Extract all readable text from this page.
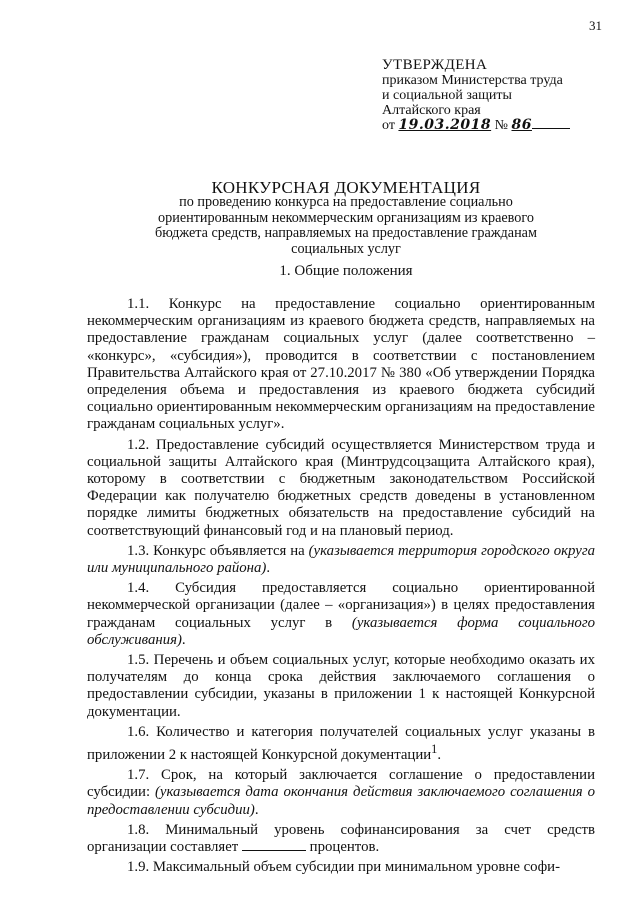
31
УТВЕРЖДЕНА
приказом Министерства труда
и социальной защиты
Алтайского края
от 19.03.2018 № 86
КОНКУРСНАЯ ДОКУМЕНТАЦИЯ
по проведению конкурса на предоставление социально ориентированным некоммерческим организациям из краевого бюджета средств, направляемых на предоставление гражданам социальных услуг
1. Общие положения

1.1. Конкурс на предоставление социально ориентированным некоммерческим организациям из краевого бюджета средств, направляемых на предоставление гражданам социальных услуг (далее соответственно – «конкурс», «субсидия»), проводится в соответствии с постановлением Правительства Алтайского края от 27.10.2017 № 380 «Об утверждении Порядка определения объема и предоставления из краевого бюджета субсидий социально ориентированным некоммерческим организациям на предоставление гражданам социальных услуг».

1.2. Предоставление субсидий осуществляется Министерством труда и социальной защиты Алтайского края (Минтрудсоцзащита Алтайского края), которому в соответствии с бюджетным законодательством Российской Федерации как получателю бюджетных средств доведены в установленном порядке лимиты бюджетных обязательств на предоставление субсидий на соответствующий финансовый год и на плановый период.

1.3. Конкурс объявляется на (указывается территория городского округа или муниципального района).

1.4. Субсидия предоставляется социально ориентированной некоммерческой организации (далее – «организация») в целях предоставления гражданам социальных услуг в (указывается форма социального обслуживания).

1.5. Перечень и объем социальных услуг, которые необходимо оказать их получателям до конца срока действия заключаемого соглашения о предоставлении субсидии, указаны в приложении 1 к настоящей Конкурсной документации.

1.6. Количество и категория получателей социальных услуг указаны в приложении 2 к настоящей Конкурсной документации$^1$.

1.7. Срок, на который заключается соглашение о предоставлении субсидии: (указывается дата окончания действия заключаемого соглашения о предоставлении субсидии).

1.8. Минимальный уровень софинансирования за счет средств организации составляет	процентов.

1.9. Максимальный объем субсидии при минимальном уровне софи-
